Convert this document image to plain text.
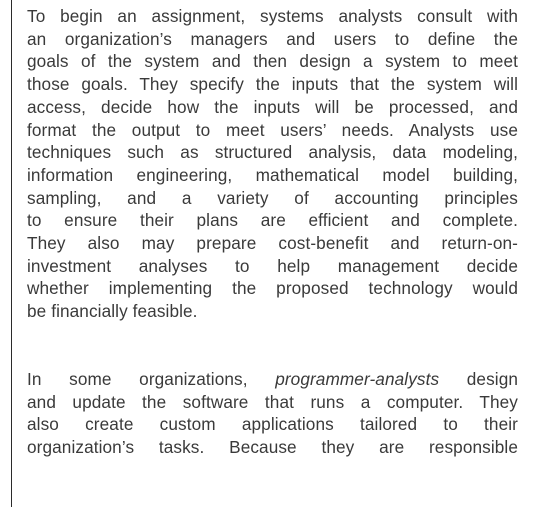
To begin an assignment, systems analysts consult with
an organization’s managers and users to define the
goals of the system and then design a system to meet
those goals. They specify the inputs that the system will
access, decide how the inputs will be processed, and
format the output to meet users’ needs. Analysts use
techniques such as structured analysis, data modeling,
information engineering, mathematical model building,
sampling, and a variety of accounting principles
to ensure their plans are efficient and complete.
They also may prepare cost-benefit and return-on-
investment analyses to help management decide
whether implementing the proposed technology would
be financially feasible.

In some organizations, programmer-analysts design
and update the software that runs a computer. They
also create custom applications tailored to their
organization’s tasks. Because they are responsible
